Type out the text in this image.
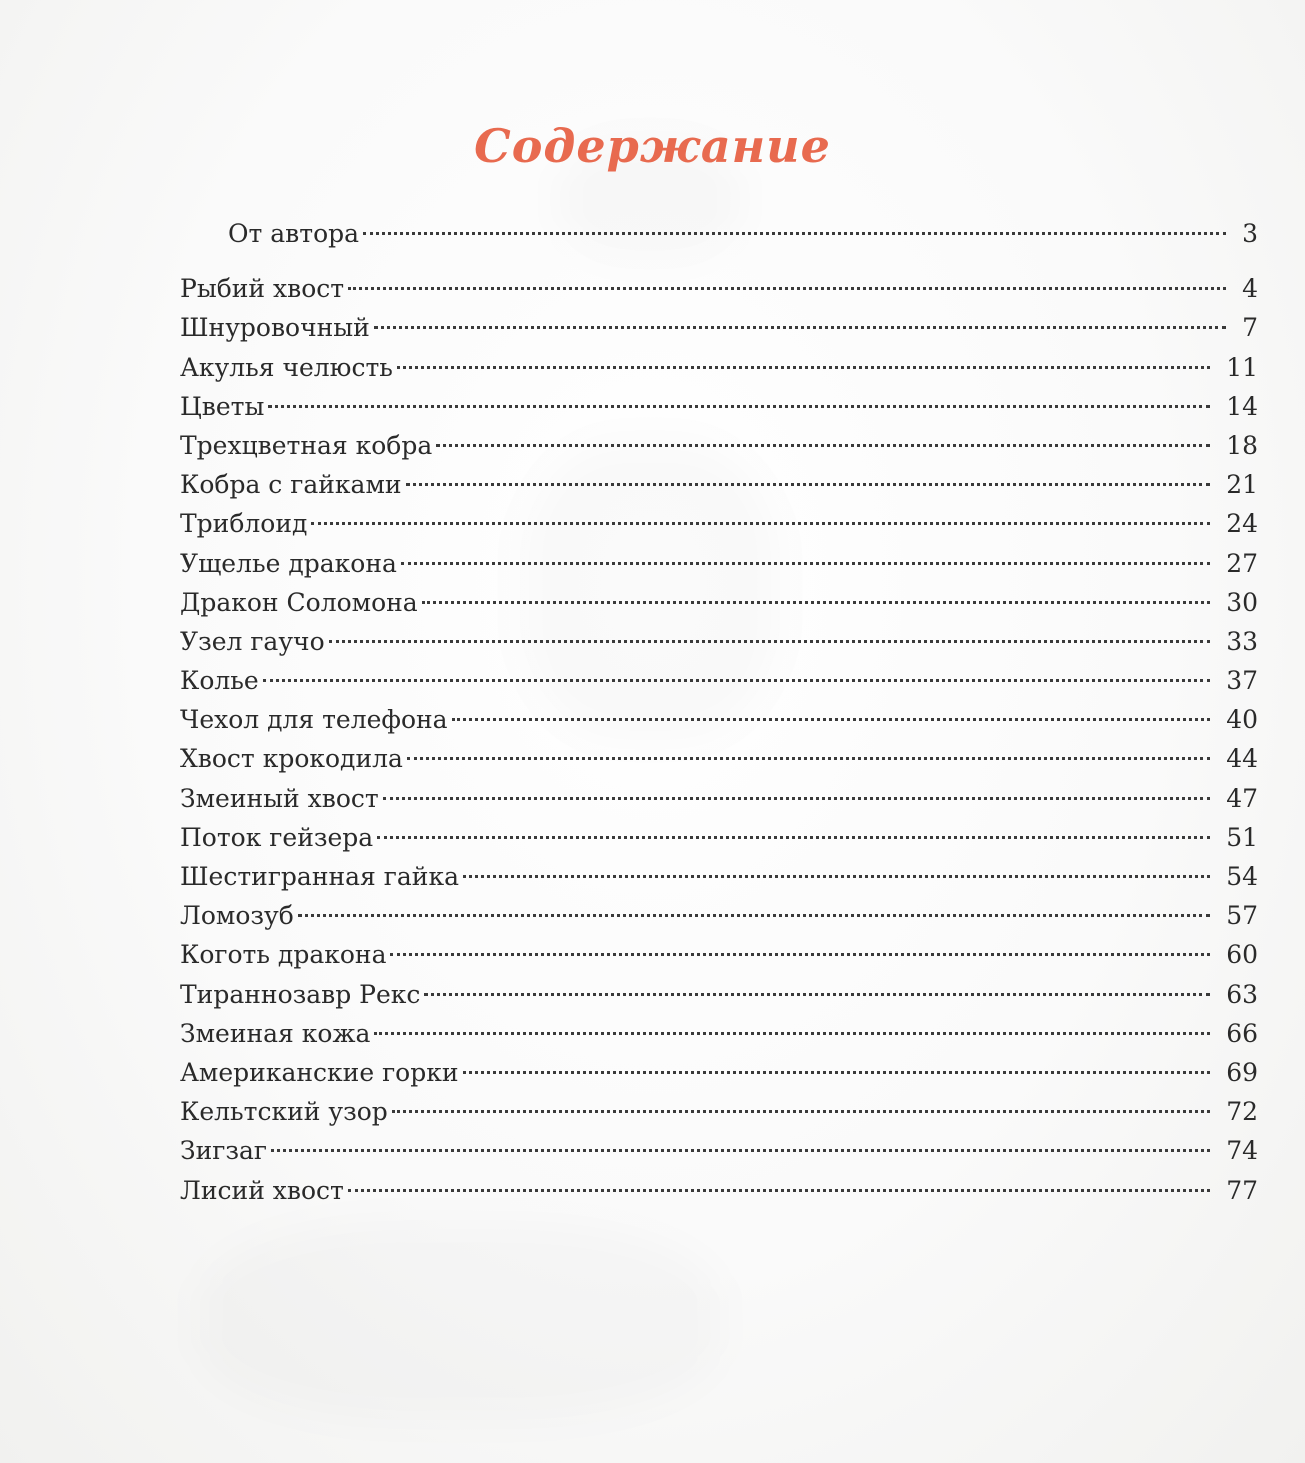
Содержание
От автора	3
Рыбий хвост	4
Шнуровочный	7
Акулья челюсть	11
Цветы	14
Трехцветная кобра	18
Кобра с гайками	21
Триблоид	24
Ущелье дракона	27
Дракон Соломона	30
Узел гаучо	33
Колье	37
Чехол для телефона	40
Хвост крокодила	44
Змеиный хвост	47
Поток гейзера	51
Шестигранная гайка	54
Ломозуб	57
Коготь дракона	60
Тираннозавр Рекс	63
Змеиная кожа	66
Американские горки	69
Кельтский узор	72
Зигзаг	74
Лисий хвост	77
